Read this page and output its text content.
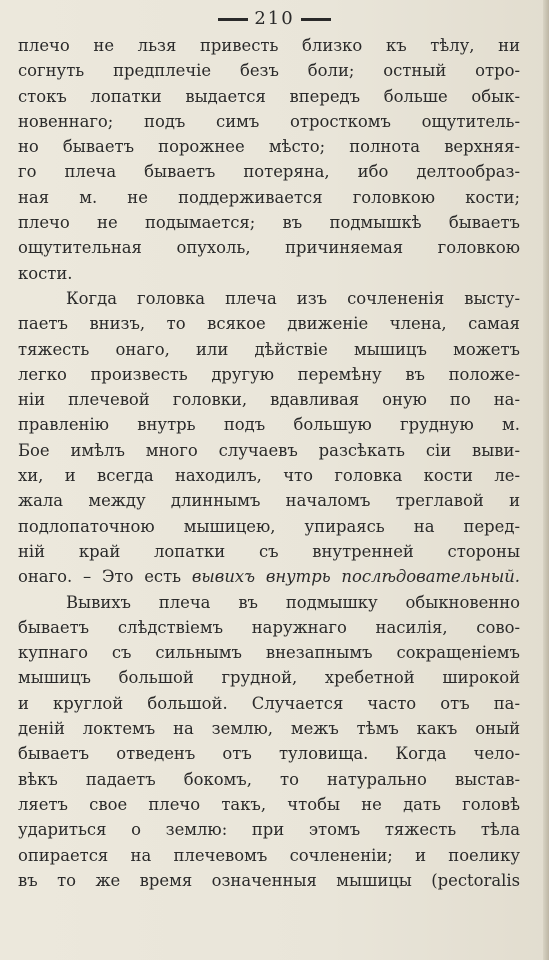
210
плечо не льзя привесть близко къ тѣлу, ни
согнуть предплечіе безъ боли; остный отро-
стокъ лопатки выдается впередъ больше обык-
новеннаго; подъ симъ отросткомъ ощутитель-
но бываетъ порожнее мѣсто; полнота верхняя-
го плеча бываетъ потеряна, ибо делтообраз-
ная м. не поддерживается головкою кости;
плечо не подымается; въ подмышкѣ бываетъ
ощутительная опухоль, причиняемая головкою
кости.
Когда головка плеча изъ сочлененія высту-
паетъ внизъ, то всякое движеніе члена, самая
тяжесть онаго, или дѣйствіе мышицъ можетъ
легко произвесть другую перемѣну въ положе-
ніи плечевой головки, вдавливая оную по на-
правленію внутрь подъ большую грудную м.
Бое имѣлъ много случаевъ разсѣкать сіи выви-
хи, и всегда находилъ, что головка кости ле-
жала между длиннымъ началомъ треглавой и
подлопаточною мышицею, упираясь на перед-
ній край лопатки съ внутренней стороны
онаго. – Это есть вывихъ внутрь послѣдовательный.
Вывихъ плеча въ подмышку обыкновенно
бываетъ слѣдствіемъ наружнаго насилія, сово-
купнаго съ сильнымъ внезапнымъ сокращеніемъ
мышицъ большой грудной, хребетной широкой
и круглой большой. Случается часто отъ па-
деній локтемъ на землю, межъ тѣмъ какъ оный
бываетъ отведенъ отъ туловища. Когда чело-
вѣкъ падаетъ бокомъ, то натурально выстав-
ляетъ свое плечо такъ, чтобы не дать головѣ
удариться о землю: при этомъ тяжесть тѣла
опирается на плечевомъ сочлененіи; и поелику
въ то же время означенныя мышицы (pectoralis
